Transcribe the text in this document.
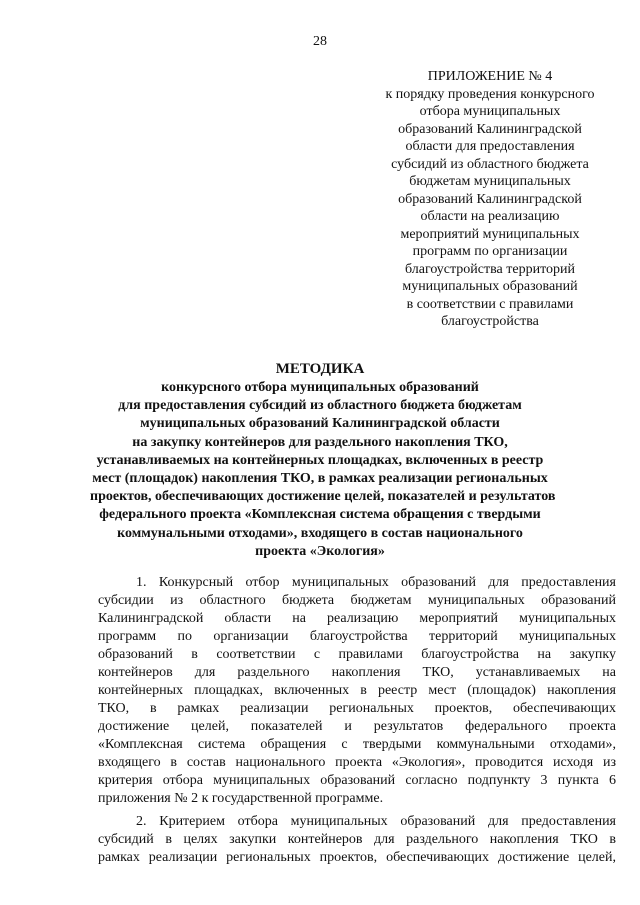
28
ПРИЛОЖЕНИЕ № 4
к порядку проведения конкурсного
отбора муниципальных
образований Калининградской
области для предоставления
субсидий из областного бюджета
бюджетам муниципальных
образований Калининградской
области на реализацию
мероприятий муниципальных
программ по организации
благоустройства территорий
муниципальных образований
в соответствии с правилами
благоустройства
МЕТОДИКА
конкурсного отбора муниципальных образований
для предоставления субсидий из областного бюджета бюджетам
муниципальных образований Калининградской области
на закупку контейнеров для раздельного накопления ТКО,
устанавливаемых на контейнерных площадках, включенных в реестр
мест (площадок) накопления ТКО, в рамках реализации региональных
проектов, обеспечивающих достижение целей, показателей и результатов
федерального проекта «Комплексная система обращения с твердыми
коммунальными отходами», входящего в состав национального
проекта «Экология»
1. Конкурсный отбор муниципальных образований для предоставления
субсидии из областного бюджета бюджетам муниципальных образований
Калининградской области на реализацию мероприятий муниципальных
программ по организации благоустройства территорий муниципальных
образований в соответствии с правилами благоустройства на закупку
контейнеров для раздельного накопления ТКО, устанавливаемых на
контейнерных площадках, включенных в реестр мест (площадок) накопления
ТКО, в рамках реализации региональных проектов, обеспечивающих
достижение целей, показателей и результатов федерального проекта
«Комплексная система обращения с твердыми коммунальными отходами»,
входящего в состав национального проекта «Экология», проводится исходя из
критерия отбора муниципальных образований согласно подпункту 3 пункта 6
приложения № 2 к государственной программе.
2. Критерием отбора муниципальных образований для предоставления
субсидий в целях закупки контейнеров для раздельного накопления ТКО в
рамках реализации региональных проектов, обеспечивающих достижение целей,
